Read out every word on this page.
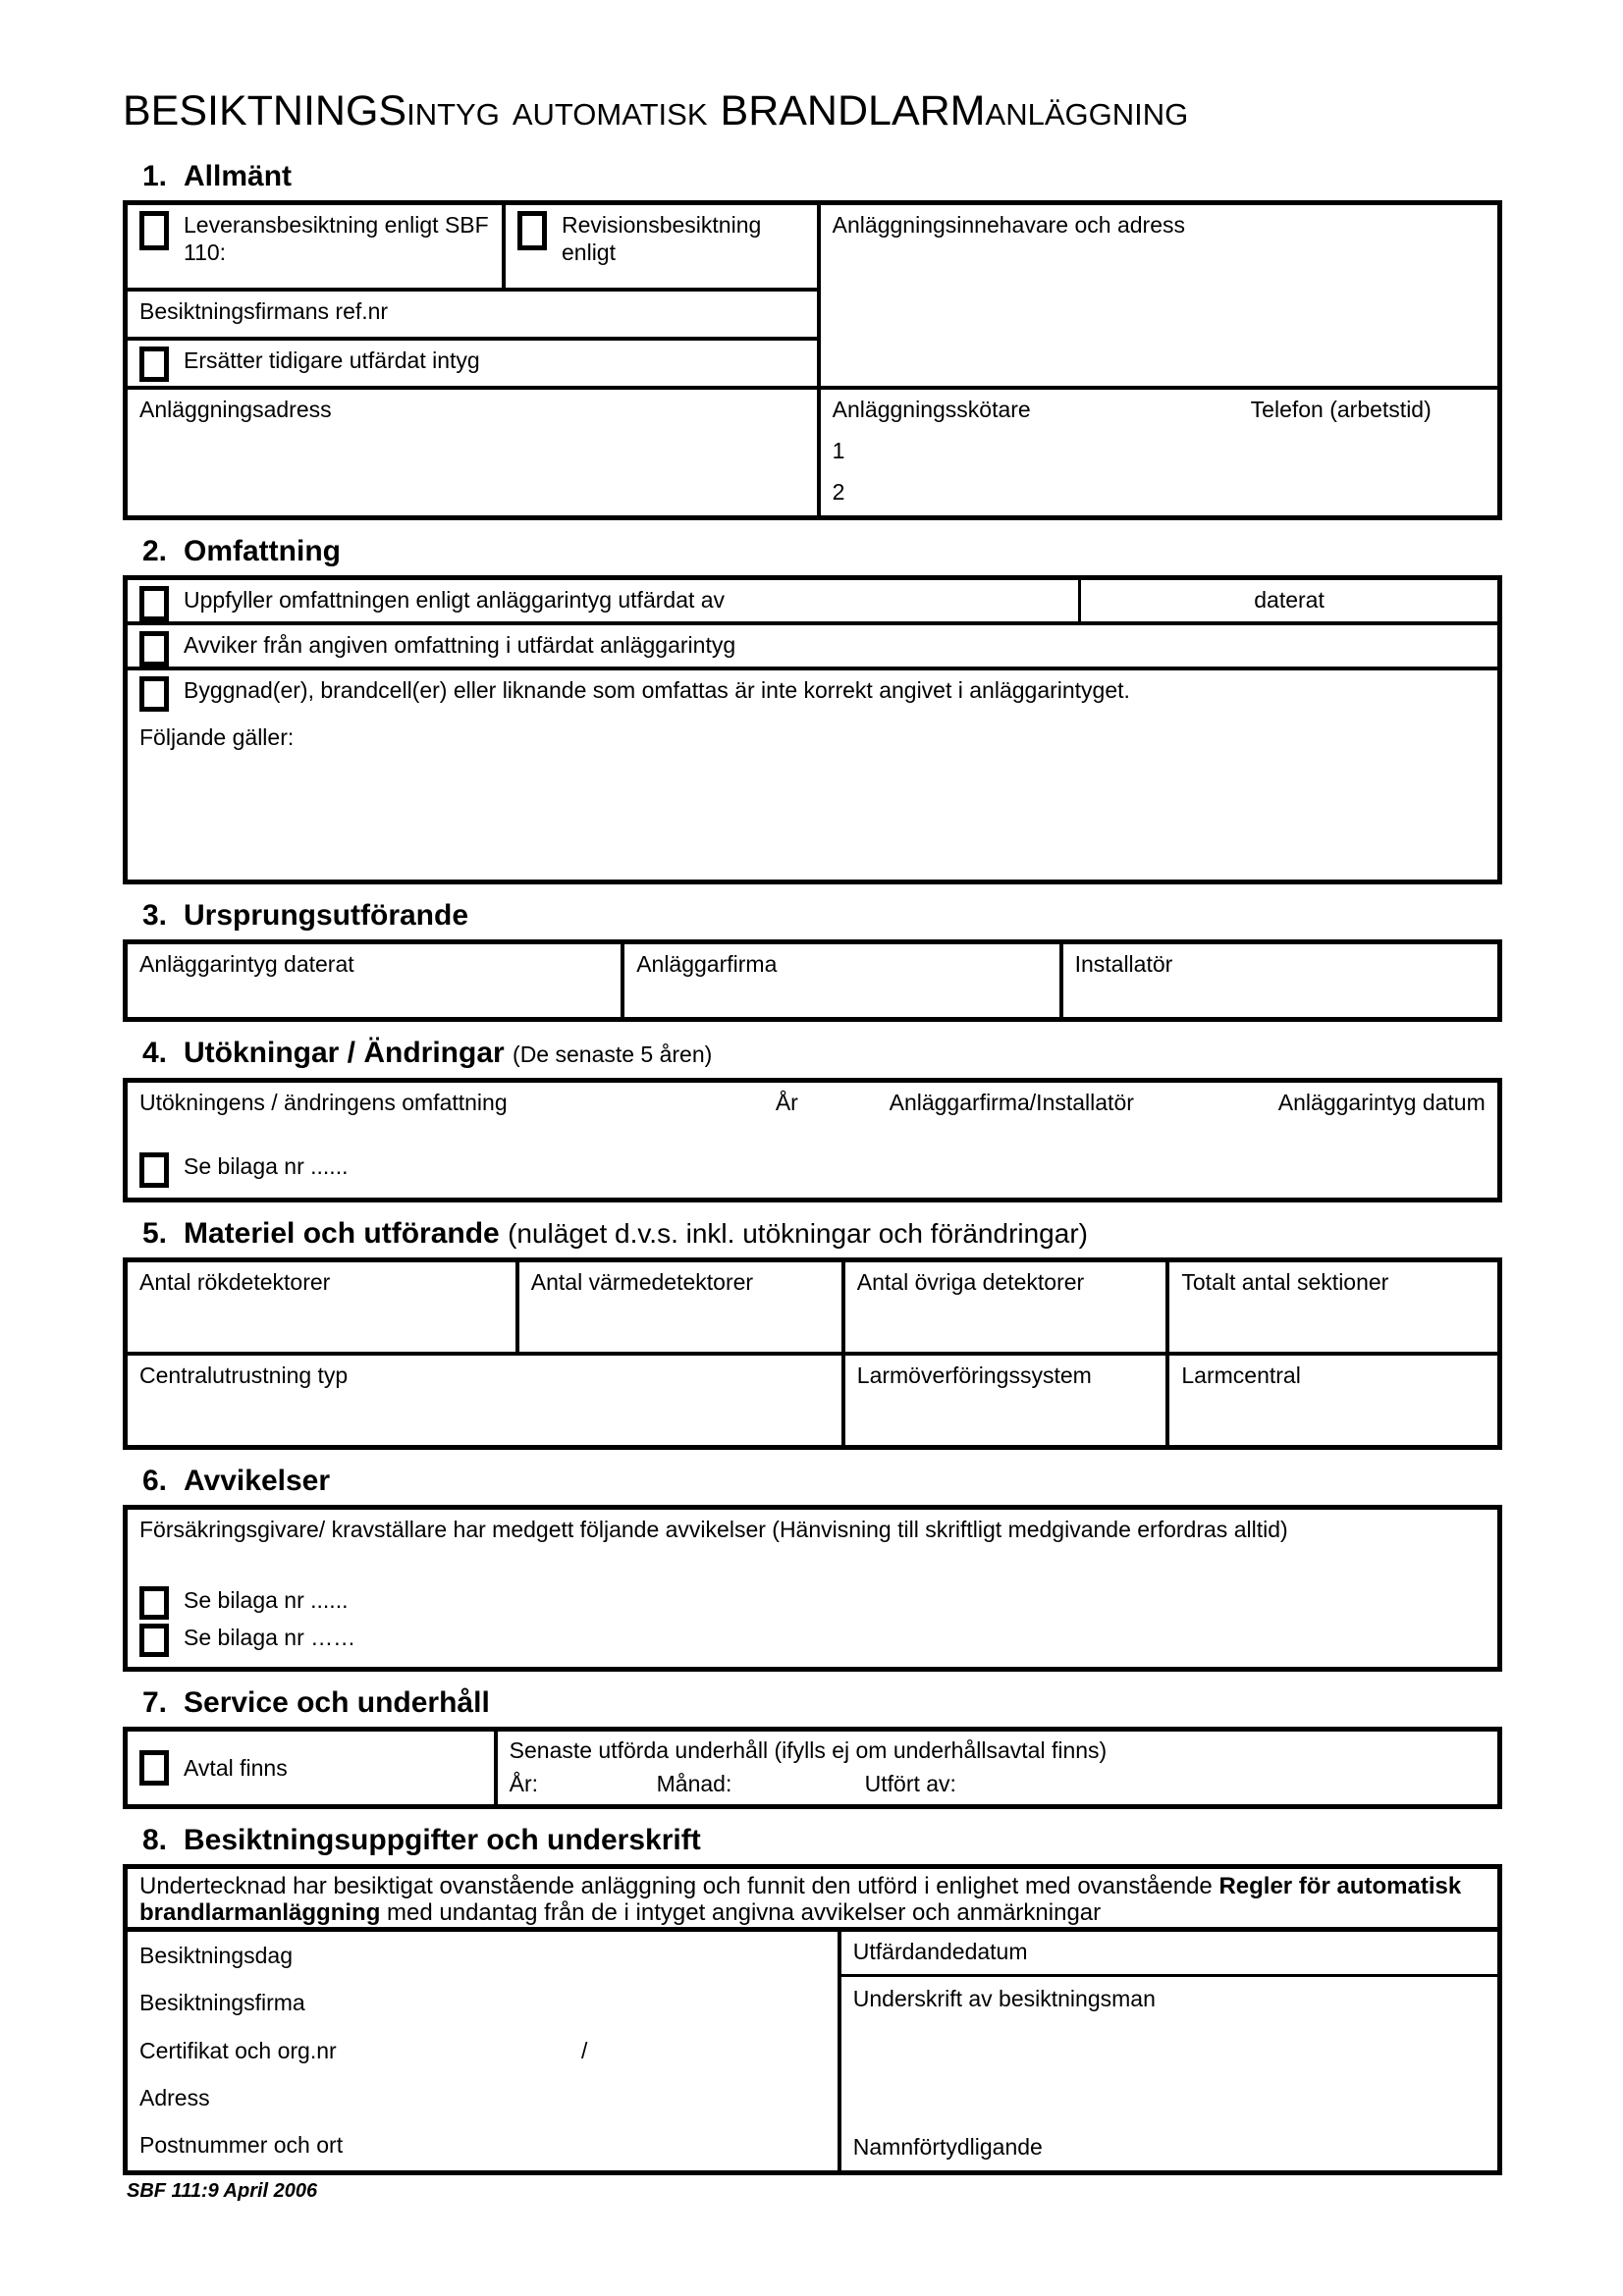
BESIKTNINGSINTYG AUTOMATISK BRANDLARMANLÄGGNING
1. Allmänt
Leveransbesiktning enligt SBF 110:
Revisionsbesiktning enligt
Besiktningsfirmans ref.nr
Ersätter tidigare utfärdat intyg
Anläggningsinnehavare och adress
Anläggningsadress	Anläggningsskötare	Telefon (arbetstid)
1
2
2. Omfattning
Uppfyller omfattningen enligt anläggarintyg utfärdat av	daterat
Avviker från angiven omfattning i utfärdat anläggarintyg
Byggnad(er), brandcell(er) eller liknande som omfattas är inte korrekt angivet i anläggarintyget.
Följande gäller:
3. Ursprungsutförande
Anläggarintyg daterat	Anläggarfirma	Installatör
4. Utökningar / Ändringar (De senaste 5 åren)
Utökningens / ändringens omfattning	År	Anläggarfirma/Installatör	Anläggarintyg datum
Se bilaga nr ......
5. Materiel och utförande (nuläget d.v.s. inkl. utökningar och förändringar)
Antal rökdetektorer	Antal värmedetektorer	Antal övriga detektorer	Totalt antal sektioner
Centralutrustning typ	Larmöverföringssystem	Larmcentral
6. Avvikelser
Försäkringsgivare/ kravställare har medgett följande avvikelser (Hänvisning till skriftligt medgivande erfordras alltid)
Se bilaga nr ......
Se bilaga nr ……
7. Service och underhåll
Avtal finns
Senaste utförda underhåll (ifylls ej om underhållsavtal finns)
År:	Månad:	Utfört av:
8. Besiktningsuppgifter och underskrift
Undertecknad har besiktigat ovanstående anläggning och funnit den utförd i enlighet med ovanstående Regler för automatisk brandlarmanläggning med undantag från de i intyget angivna avvikelser och anmärkningar
Besiktningsdag
Besiktningsfirma
Certifikat och org.nr	/
Adress
Postnummer och ort
Utfärdandedatum
Underskrift av besiktningsman
Namnförtydligande
SBF 111:9 April 2006
